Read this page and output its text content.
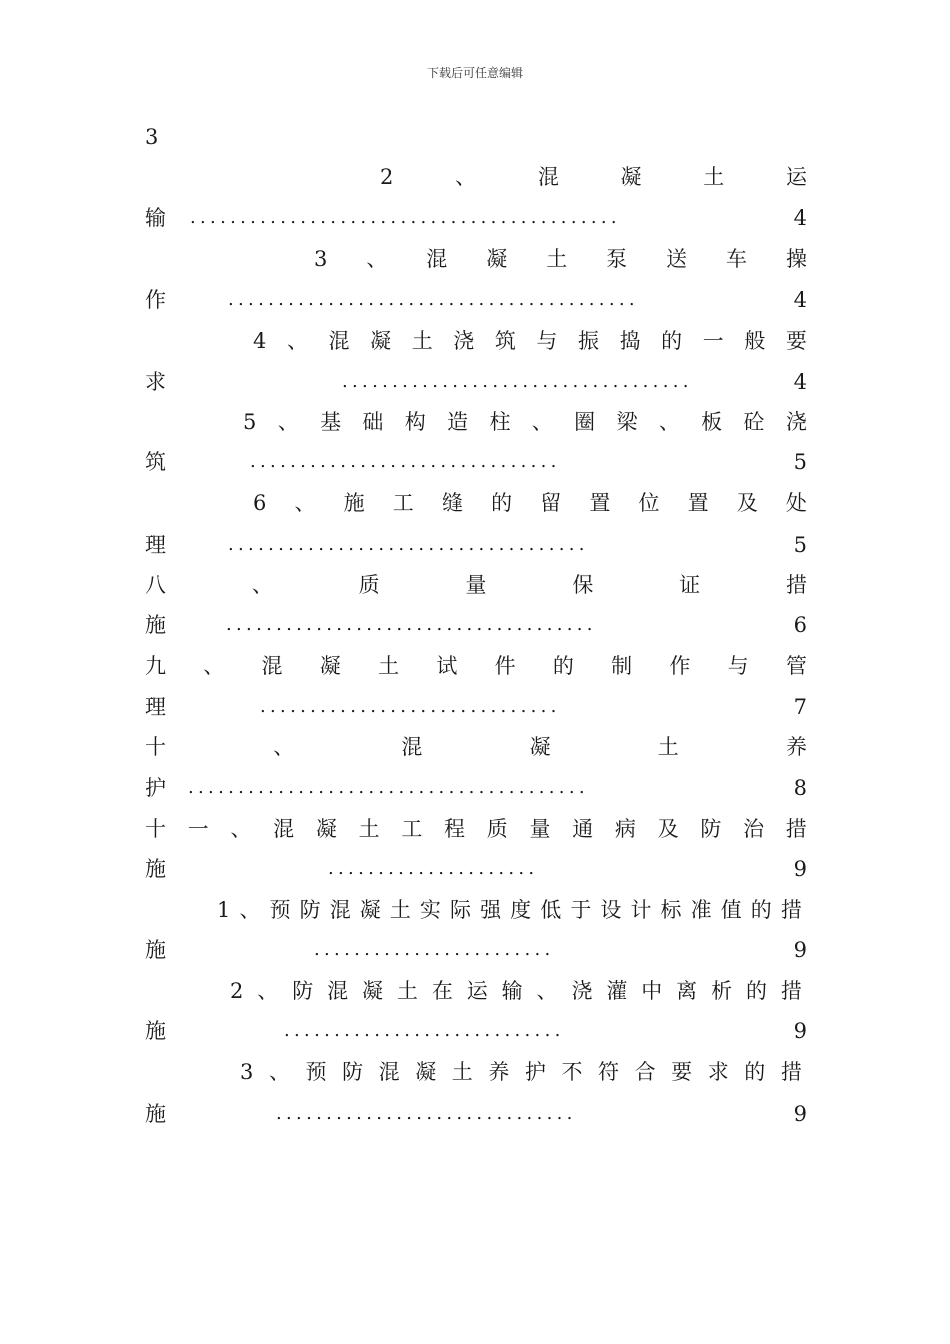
下载后可任意编辑
3
2	、	混	凝	土	运
输 ...........................................	4
3 、 混 凝 土 泵 送 车 操
作	.........................................	4
4 、 混 凝 土 浇 筑 与 振 捣 的 一 般 要
求	...................................	4
5 、 基 础 构 造 柱 、 圈 梁 、 板 砼 浇
筑	...............................	5
6 、 施 工 缝 的 留 置 位 置 及 处
理	....................................	5
八	、	质	量	保	证	措
施	.....................................	6
九 、 混 凝 土 试 件 的 制 作 与 管
理	..............................	7
十	、	混	凝	土	养
护 ........................................	8
十 一 、 混 凝 土 工 程 质 量 通 病 及 防 治 措
施	.....................	9
1 、 预 防 混 凝 土 实 际 强 度 低 于 设 计 标 准 值 的 措
施	........................	9
2 、 防 混 凝 土 在 运 输 、 浇 灌 中 离 析 的 措
施	............................	9
3 、 预 防 混 凝 土 养 护 不 符 合 要 求 的 措
施	..............................	9
